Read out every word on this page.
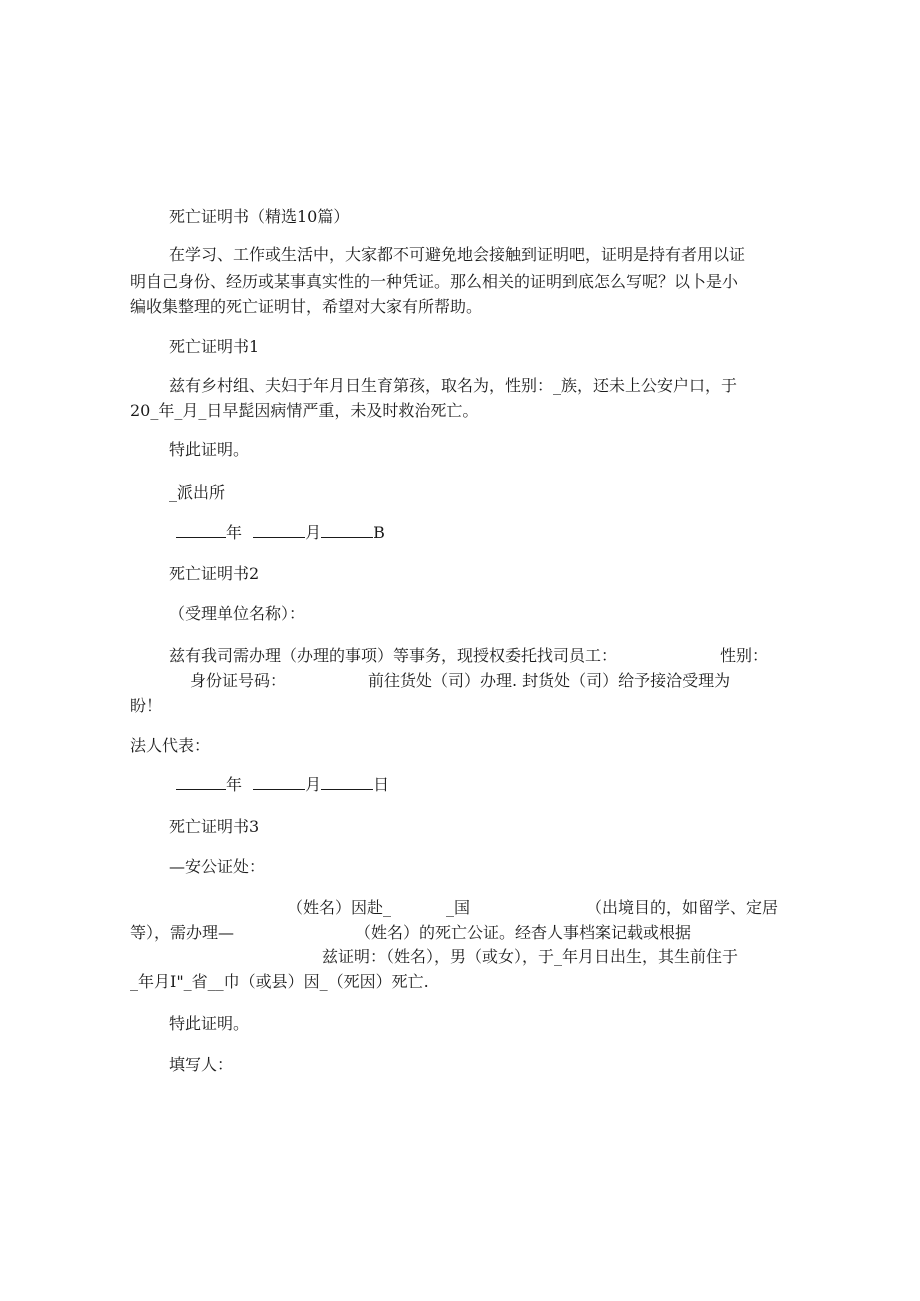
死亡证明书（精选10篇）

在学习、工作或生活中，大家都不可避免地会接触到证明吧，证明是持有者用以证

明自己身份、经历或某事真实性的一种凭证。那么相关的证明到底怎么写呢？以卜是小

编收集整理的死亡证明甘，希望对大家有所帮助。

死亡证明书1

兹有乡村组、夫妇于年月日生育第孩，取名为，性别：_族，还未上公安户口，于

20_年_月_日早髭因病情严重，未及时救治死亡。

特此证明。

_派出所

年	月	B

死亡证明书2

（受理单位名称）：

兹有我司需办理（办理的事项）等事务，现授权委托找司员工：	性别：

身份证号码：	前往货处（司）办理. 封货处（司）给予接洽受理为

盼！

法人代表：

年	月	日

死亡证明书3

—安公证处：

（姓名）因赴_	_国	（出境目的，如留学、定居

等），需办理—	（姓名）的死亡公证。经杳人事档案记载或根据

兹证明：（姓名），男（或女），于_年月日出生，其生前住于

_年月I"_省__巾（或县）因_（死因）死亡.

特此证明。

填写人：
